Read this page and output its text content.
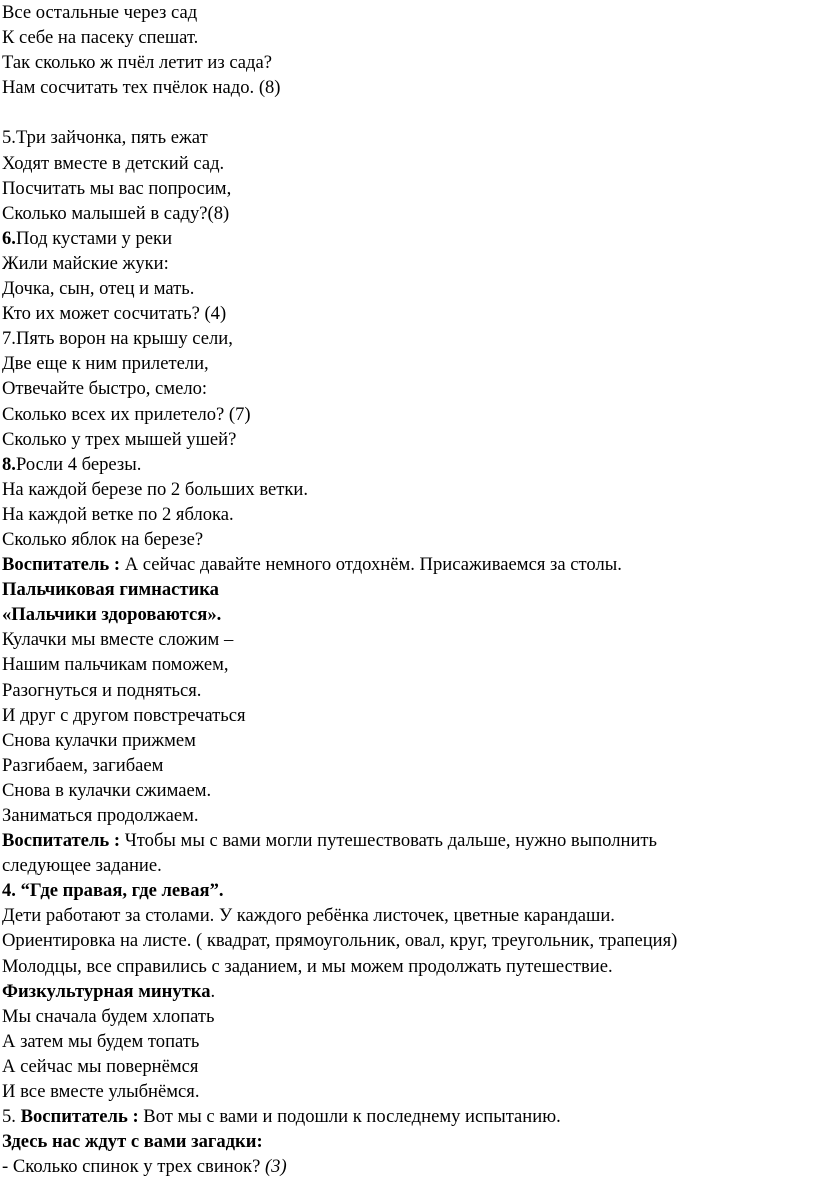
Все остальные через сад
К себе на пасеку спешат.
Так сколько ж пчёл летит из сада?
Нам сосчитать тех пчёлок надо. (8)
5.Три зайчонка, пять ежат
Ходят вместе в детский сад.
Посчитать мы вас попросим,
Сколько малышей в саду?(8)
6.Под кустами у реки
Жили майские жуки:
Дочка, сын, отец и мать.
Кто их может сосчитать? (4)
7.Пять ворон на крышу сели,
Две еще к ним прилетели,
Отвечайте быстро, смело:
Сколько всех их прилетело? (7)
Сколько у трех мышей ушей?
8.Росли 4 березы.
На каждой березе по 2 больших ветки.
На каждой ветке по 2 яблока.
Сколько яблок на березе?
Воспитатель : А сейчас давайте немного отдохнём. Присаживаемся за столы.
Пальчиковая гимнастика
«Пальчики здороваются».
Кулачки мы вместе сложим –
Нашим пальчикам поможем,
Разогнуться и подняться.
И друг с другом повстречаться
Снова кулачки прижмем
Разгибаем, загибаем
Снова в кулачки сжимаем.
Заниматься продолжаем.
Воспитатель : Чтобы мы с вами могли путешествовать дальше, нужно выполнить
следующее задание.
4. “Где правая, где левая”.
Дети работают за столами. У каждого ребёнка листочек, цветные карандаши.
Ориентировка на листе. ( квадрат, прямоугольник, овал, круг, треугольник, трапеция)
Молодцы, все справились с заданием, и мы можем продолжать путешествие.
Физкультурная минутка.
Мы сначала будем хлопать
А затем мы будем топать
А сейчас мы повернёмся
И все вместе улыбнёмся.
5. Воспитатель : Вот мы с вами и подошли к последнему испытанию.
Здесь нас ждут с вами загадки:
- Сколько спинок у трех свинок? (3)
